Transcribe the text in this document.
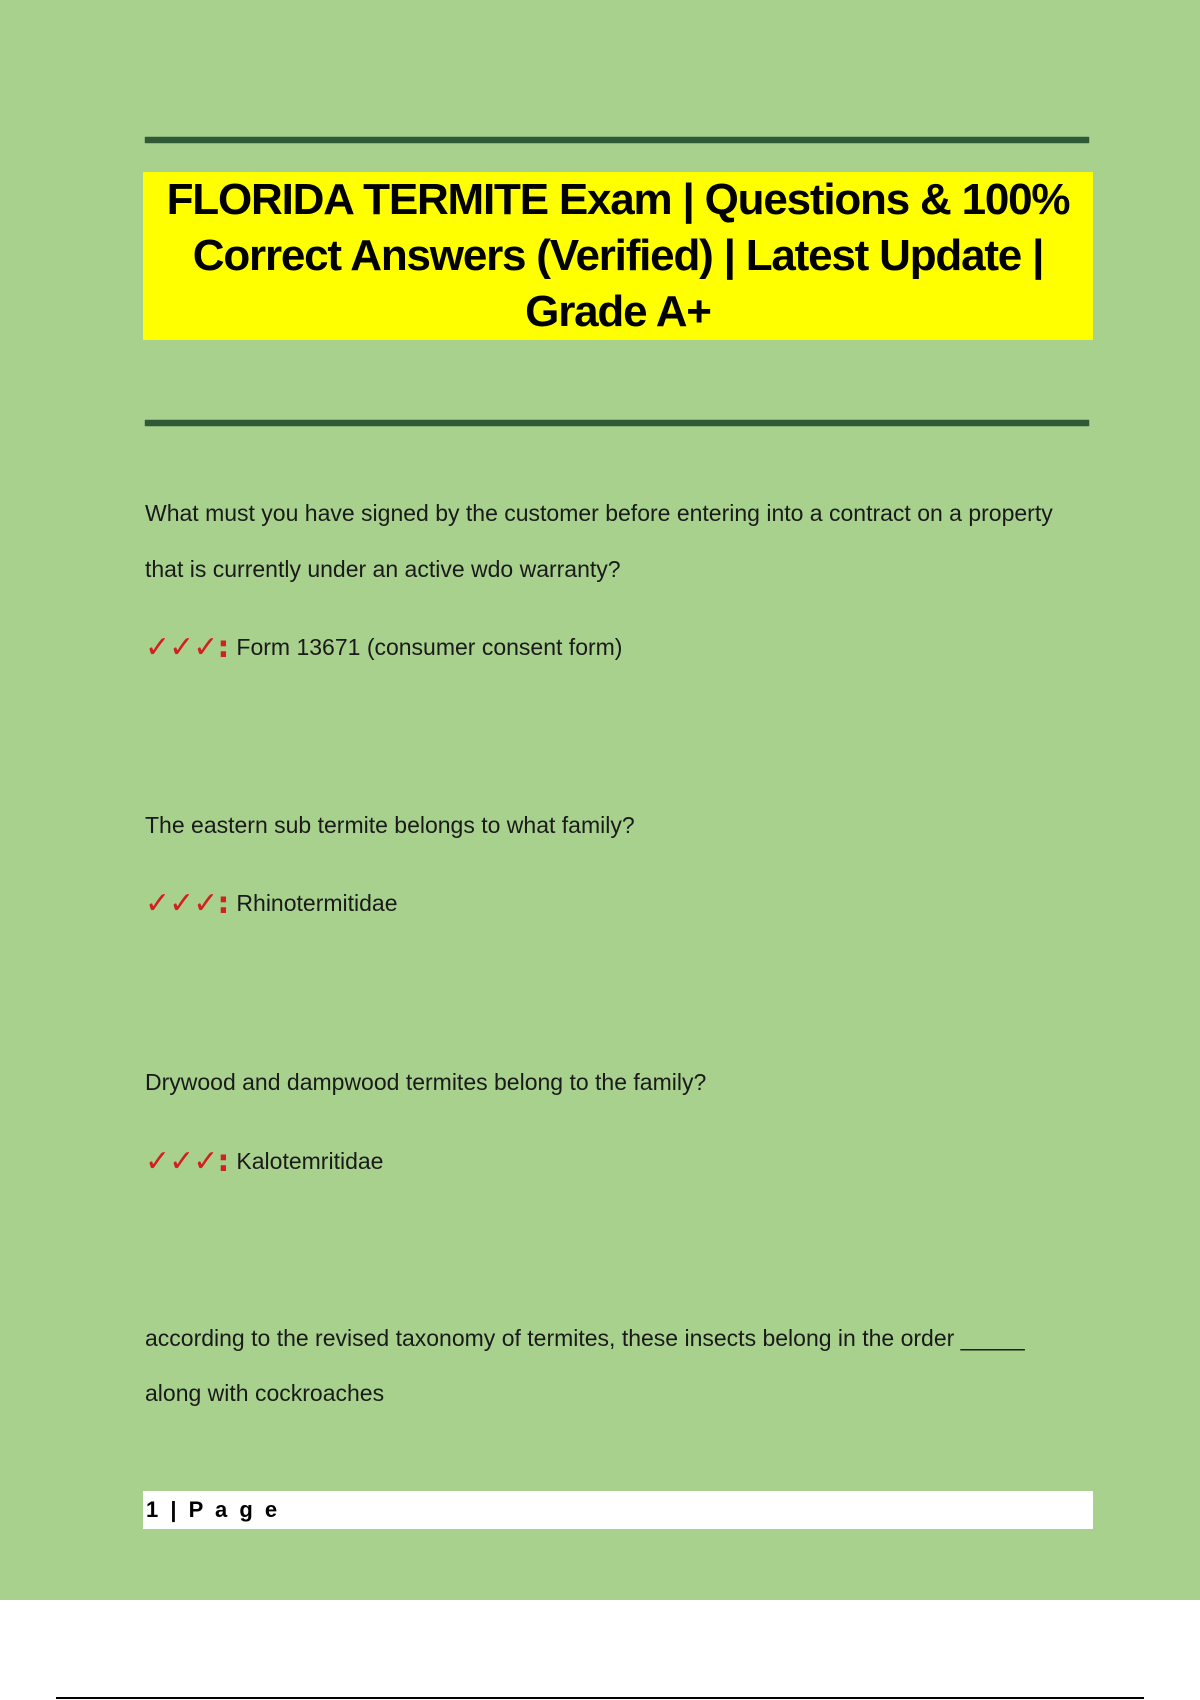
FLORIDA TERMITE Exam | Questions & 100% Correct Answers (Verified) | Latest Update | Grade A+
What must you have signed by the customer before entering into a contract on a property that is currently under an active wdo warranty?
✓✓✓: Form 13671 (consumer consent form)
The eastern sub termite belongs to what family?
✓✓✓: Rhinotermitidae
Drywood and dampwood termites belong to the family?
✓✓✓: Kalotemritidae
according to the revised taxonomy of termites, these insects belong in the order _____ along with cockroaches
1 | P a g e
